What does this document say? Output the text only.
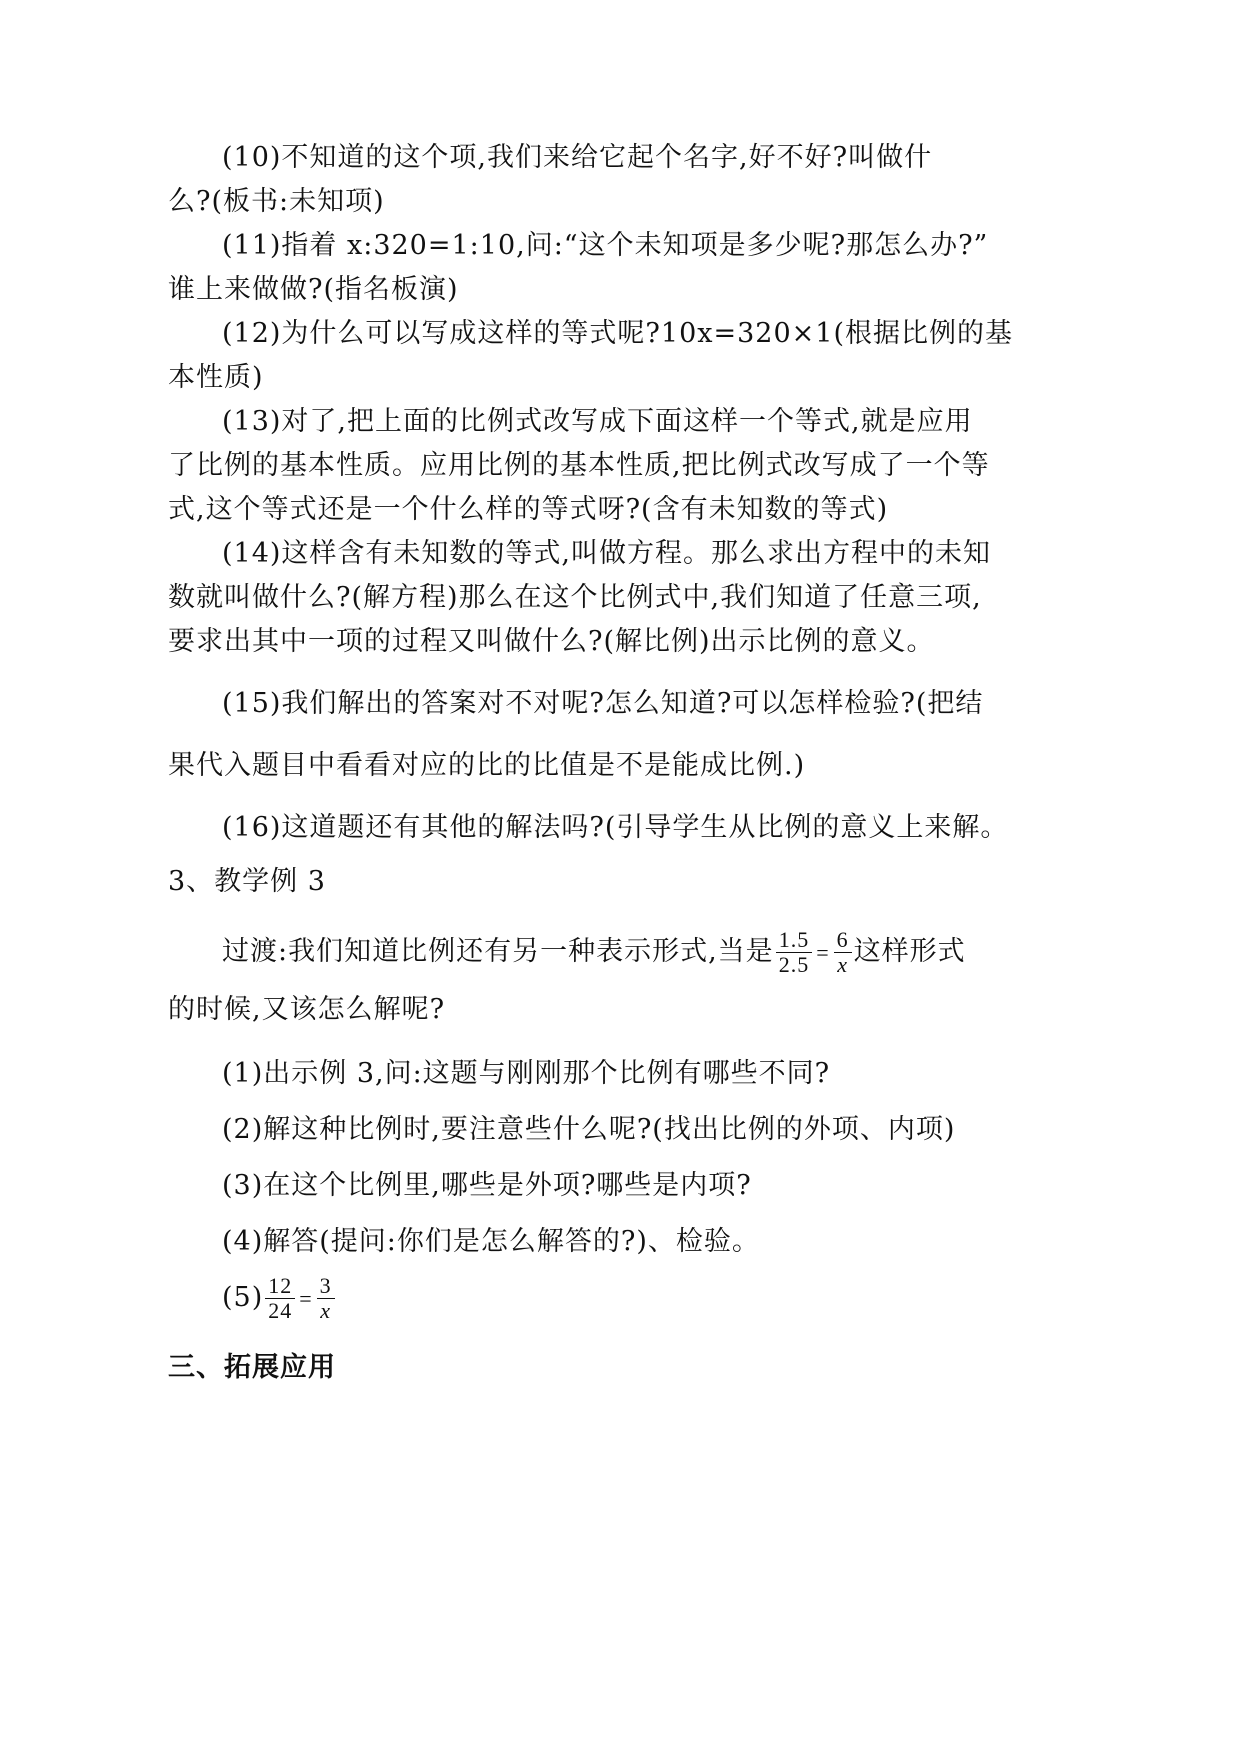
(10)不知道的这个项,我们来给它起个名字,好不好?叫做什
么?(板书:未知项)
(11)指着 x:320=1:10,问:“这个未知项是多少呢?那怎么办?”
谁上来做做?(指名板演)
(12)为什么可以写成这样的等式呢?10x=320×1(根据比例的基
本性质)
(13)对了,把上面的比例式改写成下面这样一个等式,就是应用
了比例的基本性质。应用比例的基本性质,把比例式改写成了一个等
式,这个等式还是一个什么样的等式呀?(含有未知数的等式)
(14)这样含有未知数的等式,叫做方程。那么求出方程中的未知
数就叫做什么?(解方程)那么在这个比例式中,我们知道了任意三项,
要求出其中一项的过程又叫做什么?(解比例)出示比例的意义。
(15)我们解出的答案对不对呢?怎么知道?可以怎样检验?(把结
果代入题目中看看对应的比的比值是不是能成比例.)
(16)这道题还有其他的解法吗?(引导学生从比例的意义上来解。
3、教学例 3
过渡:我们知道比例还有另一种表示形式,当是 $\frac{1.5}{2.5} = \frac{6}{x}$ 这样形式
的时候,又该怎么解呢?
(1)出示例 3,问:这题与刚刚那个比例有哪些不同?
(2)解这种比例时,要注意些什么呢?(找出比例的外项、内项)
(3)在这个比例里,哪些是外项?哪些是内项?
(4)解答(提问:你们是怎么解答的?)、检验。
$(5) \frac{12}{24} = \frac{3}{x}$
三、拓展应用
